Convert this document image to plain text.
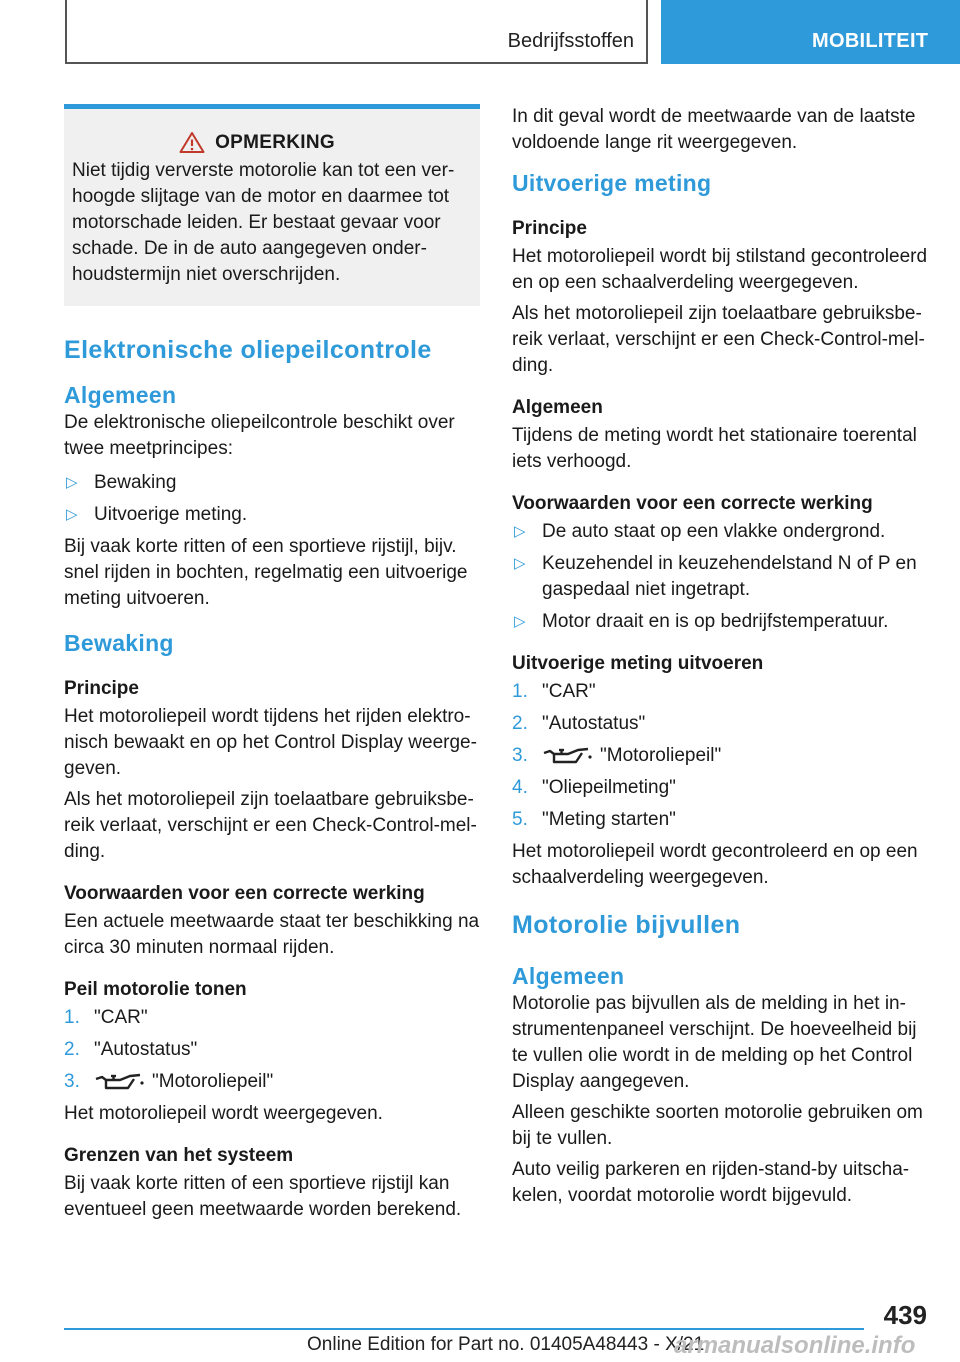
Bedrijfsstoffen	MOBILITEIT
OPMERKING

Niet tijdig ververste motorolie kan tot een verhoogde slijtage van de motor en daarmee tot motorschade leiden. Er bestaat gevaar voor schade. De in de auto aangegeven onderhoudstermijn niet overschrijden.

Elektronische oliepeilcontrole
Algemeen

De elektronische oliepeilcontrole beschikt over twee meetprincipes:

▷ Bewaking
▷ Uitvoerige meting.

Bij vaak korte ritten of een sportieve rijstijl, bijv. snel rijden in bochten, regelmatig een uitvoerige meting uitvoeren.

Bewaking
Principe

Het motoroliepeil wordt tijdens het rijden elektronisch bewaakt en op het Control Display weergegeven.

Als het motoroliepeil zijn toelaatbare gebruiksbereik verlaat, verschijnt er een Check-Control-melding.

Voorwaarden voor een correcte werking

Een actuele meetwaarde staat ter beschikking na circa 30 minuten normaal rijden.

Peil motorolie tonen
1. "CAR"
2. "Autostatus"
3.	"Motoroliepeil"

Het motoroliepeil wordt weergegeven.

Grenzen van het systeem

Bij vaak korte ritten of een sportieve rijstijl kan eventueel geen meetwaarde worden berekend.

In dit geval wordt de meetwaarde van de laatste voldoende lange rit weergegeven.

Uitvoerige meting
Principe

Het motoroliepeil wordt bij stilstand gecontroleerd en op een schaalverdeling weergegeven.

Als het motoroliepeil zijn toelaatbare gebruiksbereik verlaat, verschijnt er een Check-Control-melding.

Algemeen

Tijdens de meting wordt het stationaire toerental iets verhoogd.

Voorwaarden voor een correcte werking
▷ De auto staat op een vlakke ondergrond.
▷ Keuzehendel in keuzehendelstand N of P en gaspedaal niet ingetrapt.
▷ Motor draait en is op bedrijfstemperatuur.
Uitvoerige meting uitvoeren
1. "CAR"
2. "Autostatus"
3.	"Motoroliepeil"
4. "Oliepeilmeting"
5. "Meting starten"

Het motoroliepeil wordt gecontroleerd en op een schaalverdeling weergegeven.

Motorolie bijvullen
Algemeen

Motorolie pas bijvullen als de melding in het instrumentenpaneel verschijnt. De hoeveelheid bij te vullen olie wordt in de melding op het Control Display aangegeven.

Alleen geschikte soorten motorolie gebruiken om bij te vullen.

Auto veilig parkeren en rijden-stand-by uitschakelen, voordat motorolie wordt bijgevuld.

439
Online Edition for Part no. 01405A48443 - X/21
armanualsonline.info
